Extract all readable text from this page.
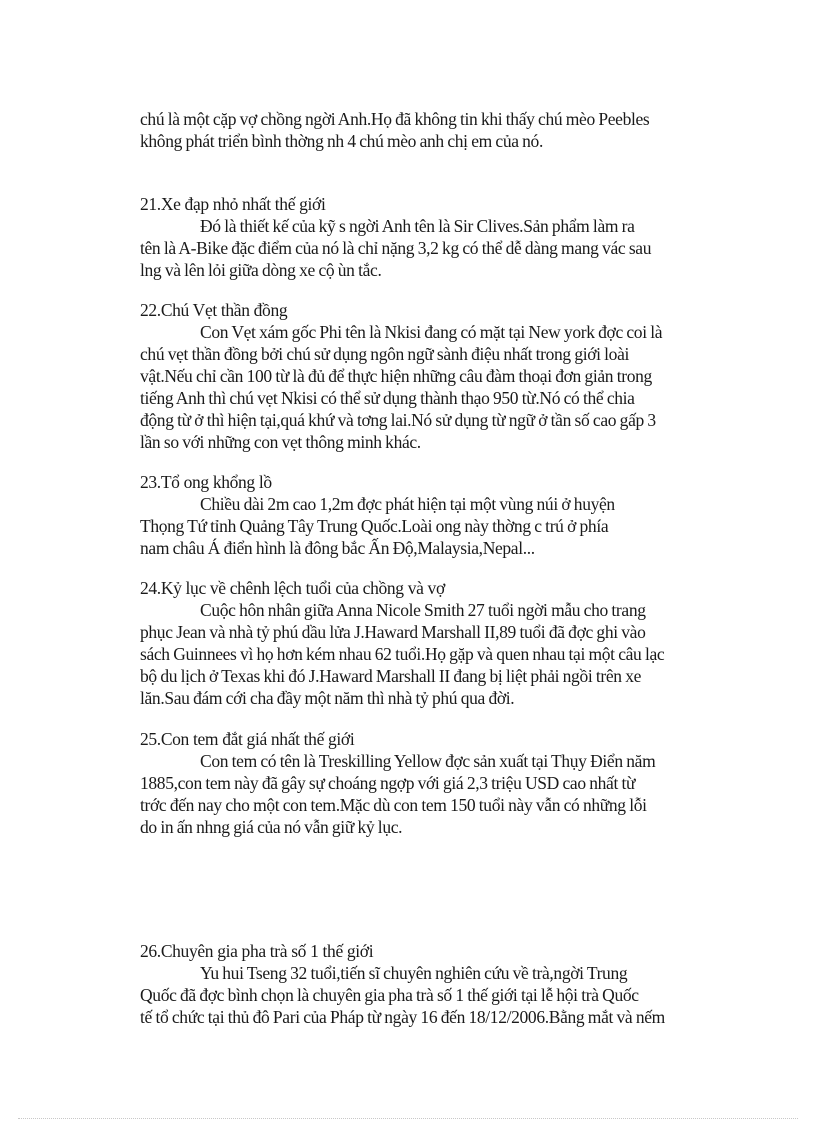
chú là một cặp vợ chồng ngời Anh.Họ đã không tin khi thấy chú mèo Peebles
không phát triển bình thờng nh 4 chú mèo anh chị em của nó.
21.Xe đạp nhỏ nhất thế giới
Đó là thiết kế của kỹ s ngời Anh tên là Sir Clives.Sản phẩm làm ra
tên là A-Bike đặc điểm của nó là chỉ nặng 3,2 kg có thể dễ dàng mang vác sau
lng và lên lỏi giữa dòng xe cộ ùn tắc.
22.Chú Vẹt thần đồng
Con Vẹt xám gốc Phi tên là Nkisi đang có mặt tại New york đợc coi là
chú vẹt thần đồng bởi chú sử dụng ngôn ngữ sành điệu nhất trong giới loài
vật.Nếu chỉ cần 100 từ là đủ để thực hiện những câu đàm thoại đơn giản trong
tiếng Anh thì chú vẹt Nkisi có thể sử dụng thành thạo 950 từ.Nó có thể chia
động từ ở thì hiện tại,quá khứ và tơng lai.Nó sử dụng từ ngữ ở tần số cao gấp 3
lần so với những con vẹt thông minh khác.
23.Tổ ong khổng lồ
Chiều dài 2m cao 1,2m đợc phát hiện tại một vùng núi ở huyện
Thọng Tứ tỉnh Quảng Tây Trung Quốc.Loài ong này thờng c trú ở phía
nam châu Á điển hình là đông bắc Ấn Độ,Malaysia,Nepal...
24.Kỷ lục về chênh lệch tuổi của chồng và vợ
Cuộc hôn nhân giữa Anna Nicole Smith 27 tuổi ngời mẫu cho trang
phục Jean và nhà tỷ phú dầu lửa J.Haward Marshall II,89 tuổi đã đợc ghi vào
sách Guinnees vì họ hơn kém nhau 62 tuổi.Họ gặp và quen nhau tại một câu lạc
bộ du lịch ở Texas khi đó J.Haward Marshall II đang bị liệt phải ngồi trên xe
lăn.Sau đám cới cha đầy một năm thì nhà tỷ phú qua đời.
25.Con tem đắt giá nhất thế giới
Con tem có tên là Treskilling Yellow đợc sản xuất tại Thụy Điển năm
1885,con tem này đã gây sự choáng ngợp với giá 2,3 triệu USD cao nhất từ
trớc đến nay cho một con tem.Mặc dù con tem 150 tuổi này vẫn có những lỗi
do in ấn nhng giá của nó vẫn giữ kỷ lục.
26.Chuyên gia pha trà số 1 thế giới
Yu hui Tseng 32 tuổi,tiến sĩ chuyên nghiên cứu về trà,ngời Trung
Quốc đã đợc bình chọn là chuyên gia pha trà số 1 thế giới tại lễ hội trà Quốc
tế tổ chức tại thủ đô Pari của Pháp từ ngày 16 đến 18/12/2006.Bằng mắt và nếm
